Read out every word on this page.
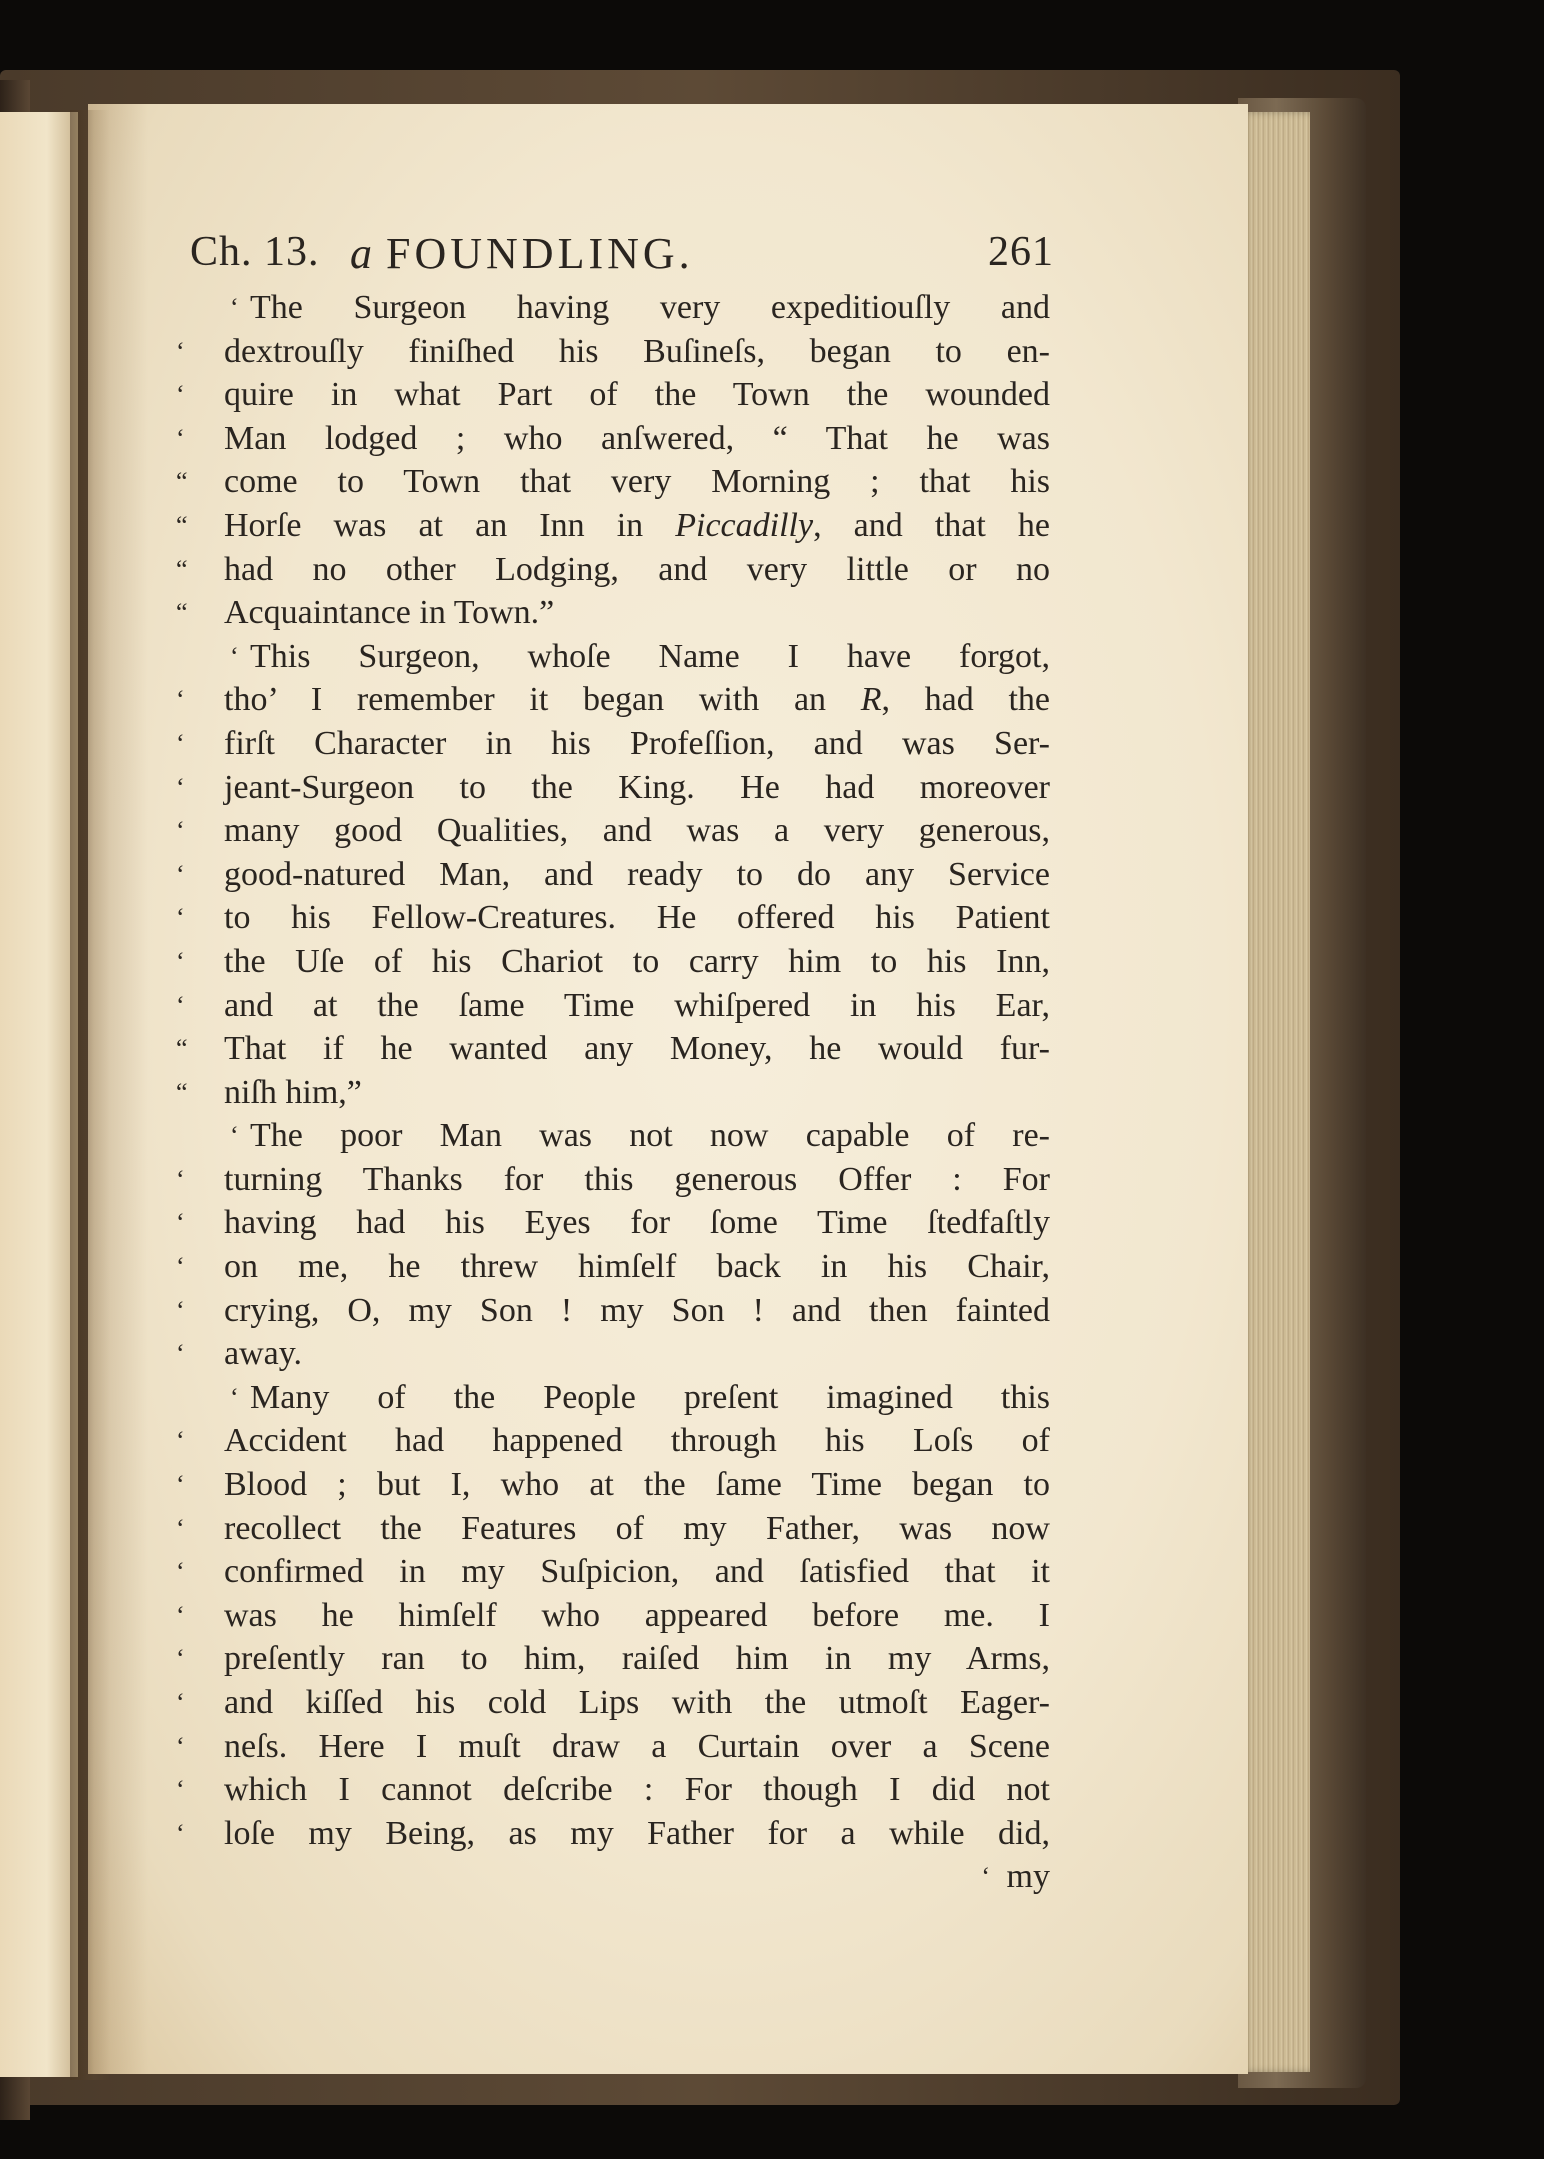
Ch. 13. a FOUNDLING.	261
‘ The Surgeon having very expeditiouſly and
‘	dextrouſly finiſhed his Buſineſs, began to en-
‘	quire in what Part of the Town the wounded
‘	Man lodged ; who anſwered, “ That he was
“	come to Town that very Morning ; that his
“	Horſe was at an Inn in Piccadilly, and that he
“	had no other Lodging, and very little or no
“	Acquaintance in Town.”
‘ This Surgeon, whoſe Name I have forgot,
‘	tho’ I remember it began with an R, had the
‘	firſt Character in his Profeſſion, and was Ser-
‘	jeant-Surgeon to the King. He had moreover
‘	many good Qualities, and was a very generous,
‘	good-natured Man, and ready to do any Service
‘	to his Fellow-Creatures. He offered his Patient
‘	the Uſe of his Chariot to carry him to his Inn,
‘	and at the ſame Time whiſpered in his Ear,
“	That if he wanted any Money, he would fur-
“	niſh him,”
‘ The poor Man was not now capable of re-
‘	turning Thanks for this generous Offer : For
‘	having had his Eyes for ſome Time ſtedfaſtly
‘	on me, he threw himſelf back in his Chair,
‘	crying, O, my Son ! my Son ! and then fainted
‘	away.
‘ Many of the People preſent imagined this
‘	Accident had happened through his Loſs of
‘	Blood ; but I, who at the ſame Time began to
‘	recollect the Features of my Father, was now
‘	confirmed in my Suſpicion, and ſatisfied that it
‘	was he himſelf who appeared before me. I
‘	preſently ran to him, raiſed him in my Arms,
‘	and kiſſed his cold Lips with the utmoſt Eager-
‘	neſs. Here I muſt draw a Curtain over a Scene
‘	which I cannot deſcribe : For though I did not
‘	loſe my Being, as my Father for a while did,
‘ my
